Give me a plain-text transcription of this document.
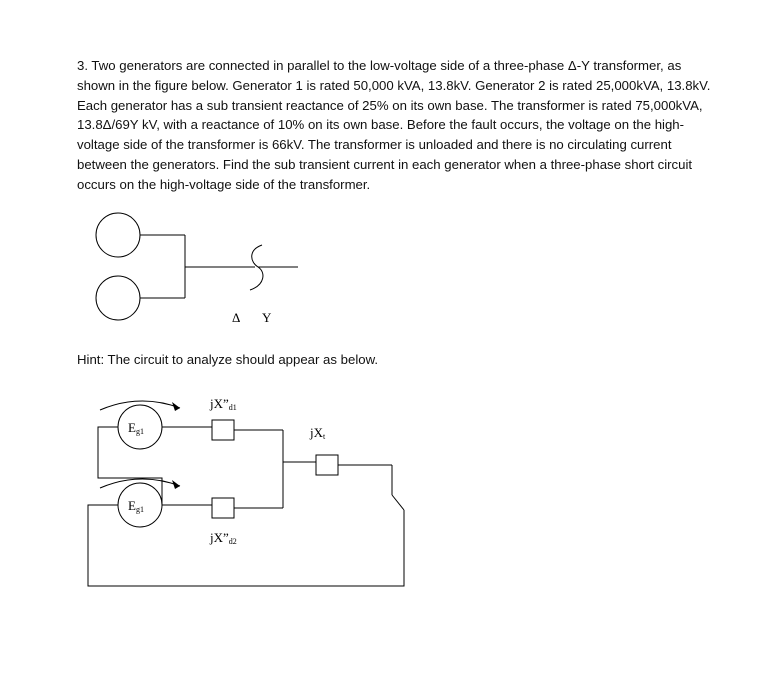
3. Two generators are connected in parallel to the low-voltage side of a three-phase Δ-Y transformer, as shown in the figure below. Generator 1 is rated 50,000 kVA, 13.8kV. Generator 2 is rated 25,000kVA, 13.8kV. Each generator has a sub transient reactance of 25% on its own base. The transformer is rated 75,000kVA, 13.8Δ/69Y kV, with a reactance of 10% on its own base. Before the fault occurs, the voltage on the high-voltage side of the transformer is 66kV. The transformer is unloaded and there is no circulating current between the generators. Find the sub transient current in each generator when a three-phase short circuit occurs on the high-voltage side of the transformer.

Δ Y
Eg1
Eg1
jX”d1
jX”d2
jXt

Hint: The circuit to analyze should appear as below.
